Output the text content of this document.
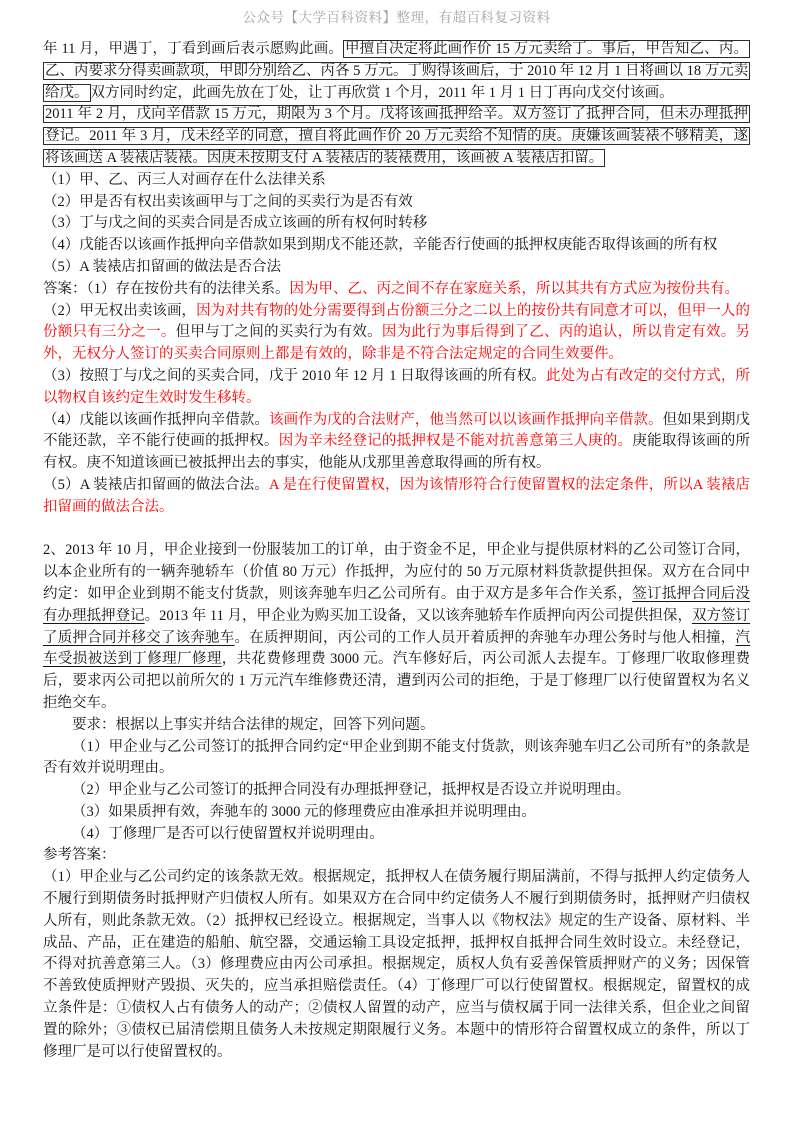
公众号【大学百科资料】整理，有超百科复习资料

年 11 月，甲遇丁，丁看到画后表示愿购此画。 甲擅自决定将此画作价 15 万元卖给丁。事后，甲告知乙、丙。乙、丙要求分得卖画款项，甲即分别给乙、丙各 5 万元。丁购得该画后，于 2010 年 12 月 1 日将画以 18 万元卖给戊。 双方同时约定，此画先放在丁处，让丁再欣赏 1 个月，2011 年 1 月 1 日丁再向戊交付该画。

2011 年 2 月，戊向辛借款 15 万元，期限为 3 个月。戊将该画抵押给辛。双方签订了抵押合同，但未办理抵押登记。2011 年 3 月，戊未经辛的同意，擅自将此画作价 20 万元卖给不知情的庚。庚嫌该画装裱不够精美，遂将该画送 A 装裱店装裱。因庚未按期支付 A 装裱店的装裱费用，该画被 A 装裱店扣留。

（1）甲、乙、丙三人对画存在什么法律关系

（2）甲是否有权出卖该画甲与丁之间的买卖行为是否有效

（3）丁与戊之间的买卖合同是否成立该画的所有权何时转移

（4）戊能否以该画作抵押向辛借款如果到期戊不能还款，辛能否行使画的抵押权庚能否取得该画的所有权

（5）A 装裱店扣留画的做法是否合法

答案：（1）存在按份共有的法律关系。因为甲、乙、丙之间不存在家庭关系，所以其共有方式应为按份共有。

（2）甲无权出卖该画，因为对共有物的处分需要得到占份额三分之二以上的按份共有同意才可以，但甲一人的份额只有三分之一。但甲与丁之间的买卖行为有效。因为此行为事后得到了乙、丙的追认，所以肯定有效。另外，无权分人签订的买卖合同原则上都是有效的，除非是不符合法定规定的合同生效要件。

（3）按照丁与戊之间的买卖合同，戊于 2010 年 12 月 1 日取得该画的所有权。此处为占有改定的交付方式，所以物权自该约定生效时发生移转。

（4）戊能以该画作抵押向辛借款。该画作为戊的合法财产，他当然可以以该画作抵押向辛借款。但如果到期戊不能还款，辛不能行使画的抵押权。因为辛未经登记的抵押权是不能对抗善意第三人庚的。庚能取得该画的所有权。庚不知道该画已被抵押出去的事实，他能从戊那里善意取得画的所有权。

（5）A 装裱店扣留画的做法合法。A 是在行使留置权，因为该情形符合行使留置权的法定条件，所以A 装裱店扣留画的做法合法。

2、2013 年 10 月，甲企业接到一份服装加工的订单，由于资金不足，甲企业与提供原材料的乙公司签订合同，以本企业所有的一辆奔驰轿车（价值 80 万元）作抵押，为应付的 50 万元原材料货款提供担保。双方在合同中约定：如甲企业到期不能支付货款，则该奔驰车归乙公司所有。由于双方是多年合作关系，签订抵押合同后没有办理抵押登记。2013 年 11 月，甲企业为购买加工设备，又以该奔驰轿车作质押向丙公司提供担保，双方签订了质押合同并移交了该奔驰车。在质押期间，丙公司的工作人员开着质押的奔驰车办理公务时与他人相撞，汽车受损被送到丁修理厂修理，共花费修理费 3000 元。汽车修好后，丙公司派人去提车。丁修理厂收取修理费后，要求丙公司把以前所欠的 1 万元汽车维修费还清，遭到丙公司的拒绝，于是丁修理厂以行使留置权为名义拒绝交车。

要求：根据以上事实并结合法律的规定，回答下列问题。

（1）甲企业与乙公司签订的抵押合同约定“甲企业到期不能支付货款，则该奔驰车归乙公司所有”的条款是否有效并说明理由。

（2）甲企业与乙公司签订的抵押合同没有办理抵押登记，抵押权是否设立并说明理由。

（3）如果质押有效，奔驰车的 3000 元的修理费应由准承担并说明理由。

（4）丁修理厂是否可以行使留置权并说明理由。

参考答案：

（1）甲企业与乙公司约定的该条款无效。根据规定，抵押权人在债务履行期届满前，不得与抵押人约定债务人不履行到期债务时抵押财产归债权人所有。如果双方在合同中约定债务人不履行到期债务时，抵押财产归债权人所有，则此条款无效。（2）抵押权已经设立。根据规定，当事人以《物权法》规定的生产设备、原材料、半成品、产品，正在建造的船舶、航空器，交通运输工具设定抵押，抵押权自抵押合同生效时设立。未经登记，不得对抗善意第三人。（3）修理费应由丙公司承担。根据规定，质权人负有妥善保管质押财产的义务；因保管不善致使质押财产毁损、灭失的，应当承担赔偿责任。（4）丁修理厂可以行使留置权。根据规定，留置权的成立条件是：①债权人占有债务人的动产；②债权人留置的动产，应当与债权属于同一法律关系，但企业之间留置的除外；③债权已届清偿期且债务人未按规定期限履行义务。本题中的情形符合留置权成立的条件，所以丁修理厂是可以行使留置权的。
